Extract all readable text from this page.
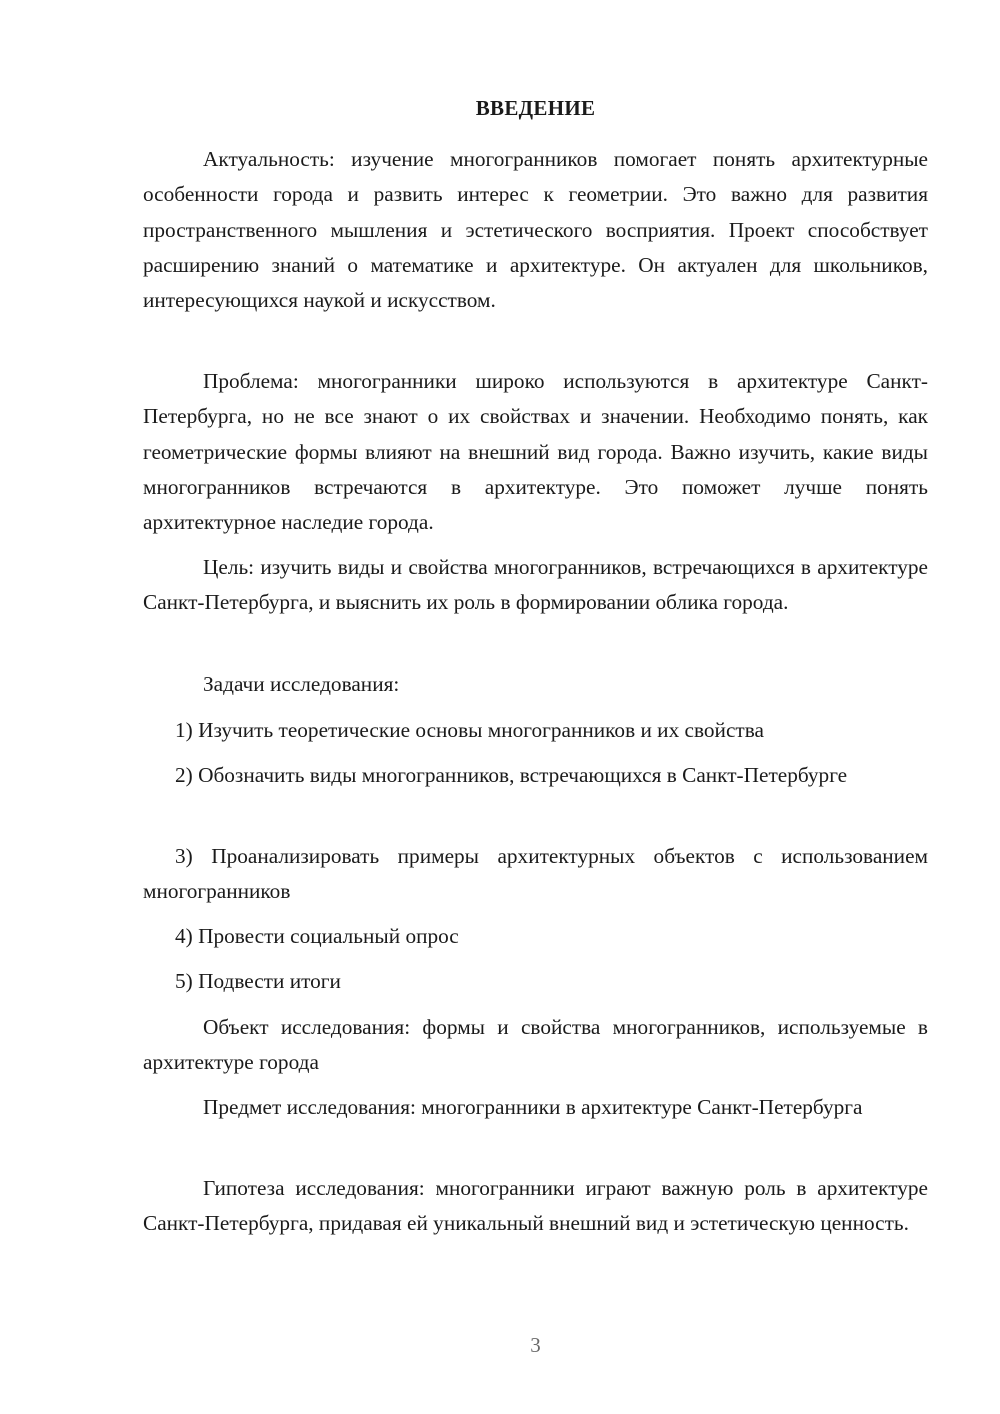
ВВЕДЕНИЕ

Актуальность: изучение многогранников помогает понять архитектурные особенности города и развить интерес к геометрии. Это важно для развития пространственного мышления и эстетического восприятия. Проект способствует расширению знаний о математике и архитектуре. Он актуален для школьников, интересующихся наукой и искусством.

Проблема: многогранники широко используются в архитектуре Санкт-Петербурга, но не все знают о их свойствах и значении. Необходимо понять, как геометрические формы влияют на внешний вид города. Важно изучить, какие виды многогранников встречаются в архитектуре. Это поможет лучше понять архитектурное наследие города.

Цель: изучить виды и свойства многогранников, встречающихся в архитектуре Санкт-Петербурга, и выяснить их роль в формировании облика города.

Задачи исследования:

1) Изучить теоретические основы многогранников и их свойства

2) Обозначить виды многогранников, встречающихся в Санкт-Петербурге

3) Проанализировать примеры архитектурных объектов с использованием многогранников

4) Провести социальный опрос

5) Подвести итоги

Объект исследования: формы и свойства многогранников, используемые в архитектуре города

Предмет исследования: многогранники в архитектуре Санкт-Петербурга

Гипотеза исследования: многогранники играют важную роль в архитектуре Санкт-Петербурга, придавая ей уникальный внешний вид и эстетическую ценность.

3
